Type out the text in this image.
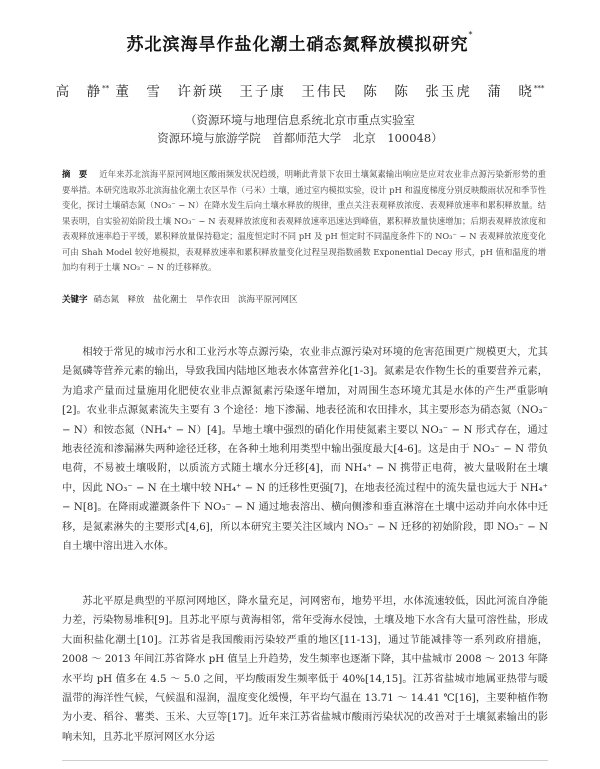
苏北滨海旱作盐化潮土硝态氮释放模拟研究*
高　静** 董　雪　许新瑛　王子康　王伟民　陈　陈　张玉虎　蒲　晓***
（资源环境与地理信息系统北京市重点实验室
资源环境与旅游学院　首都师范大学　北京　100048）
摘　要 近年来苏北滨海平原河网地区酸雨频发状况趋缓，明晰此背景下农田土壤氮素输出响应是应对农业非点源污染新形势的重要举措。本研究选取苏北滨海盐化潮土农区旱作（弓米）土壤，通过室内模拟实验，设计 pH 和温度梯度分别反映酸雨状况和季节性变化，探讨土壤硝态氮（NO₃⁻ − N）在降水发生后向土壤水释放的规律，重点关注表观释放浓度、表观释放速率和累积释放量。结果表明，自实验初始阶段土壤 NO₃⁻ − N 表观释放浓度和表观释放速率迅速达到峰值，累积释放量快速增加；后期表观释放浓度和表观释放速率趋于平缓，累积释放量保持稳定；温度恒定时不同 pH 及 pH 恒定时不同温度条件下的 NO₃⁻ − N 表观释放浓度变化可由 Shah Model 较好地模拟，表观释放速率和累积释放量变化过程呈现指数函数 Exponential Decay 形式，pH 值和温度的增加均有利于土壤 NO₃⁻ − N 的迁移释放。
关键字 硝态氮　释放　盐化潮土　旱作农田　滨海平原河网区

相较于常见的城市污水和工业污水等点源污染，农业非点源污染对环境的危害范围更广规模更大，尤其是氮磷等营养元素的输出，导致我国内陆地区地表水体富营养化[1-3]。氮素是农作物生长的重要营养元素，为追求产量而过量施用化肥使农业非点源氮素污染逐年增加，对周围生态环境尤其是水体的产生严重影响[2]。农业非点源氮素流失主要有 3 个途径：地下渗漏、地表径流和农田排水，其主要形态为硝态氮（NO₃⁻ − N）和铵态氮（NH₄⁺ − N）[4]。旱地土壤中强烈的硝化作用使氮素主要以 NO₃⁻ − N 形式存在，通过地表径流和渗漏淋失两种途径迁移，在各种土地利用类型中输出强度最大[4-6]。这是由于 NO₃⁻ − N 带负电荷，不易被土壤吸附，以质流方式随土壤水分迁移[4]，而 NH₄⁺ − N 携带正电荷，被大量吸附在土壤中，因此 NO₃⁻ − N 在土壤中较 NH₄⁺ − N 的迁移性更强[7]，在地表径流过程中的流失量也远大于 NH₄⁺ − N[8]。在降雨或灌溉条件下 NO₃⁻ − N 通过地表溶出、横向侧渗和垂直淋溶在土壤中运动并向水体中迁移，是氮素淋失的主要形式[4,6]，所以本研究主要关注区域内 NO₃⁻ − N 迁移的初始阶段，即 NO₃⁻ − N 自土壤中溶出进入水体。

苏北平原是典型的平原河网地区，降水量充足，河网密布，地势平坦，水体流速较低，因此河流自净能力差，污染物易堆积[9]。且苏北平原与黄海相邻，常年受海水侵蚀，土壤及地下水含有大量可溶性盐，形成大面积盐化潮土[10]。江苏省是我国酸雨污染较严重的地区[11-13]，通过节能减排等一系列政府措施，2008 ～ 2013 年间江苏省降水 pH 值呈上升趋势，发生频率也逐渐下降，其中盐城市 2008 ～ 2013 年降水平均 pH 值多在 4.5 ～ 5.0 之间，平均酸雨发生频率低于 40%[14,15]。江苏省盐城市地属亚热带与暖温带的海洋性气候，气候温和湿润，温度变化缓慢，年平均气温在 13.71 ～ 14.41 ℃[16]，主要种植作物为小麦、稻谷、薯类、玉米、大豆等[17]。近年来江苏省盐城市酸雨污染状况的改善对于土壤氮素输出的影响未知，且苏北平原河网区水分运
